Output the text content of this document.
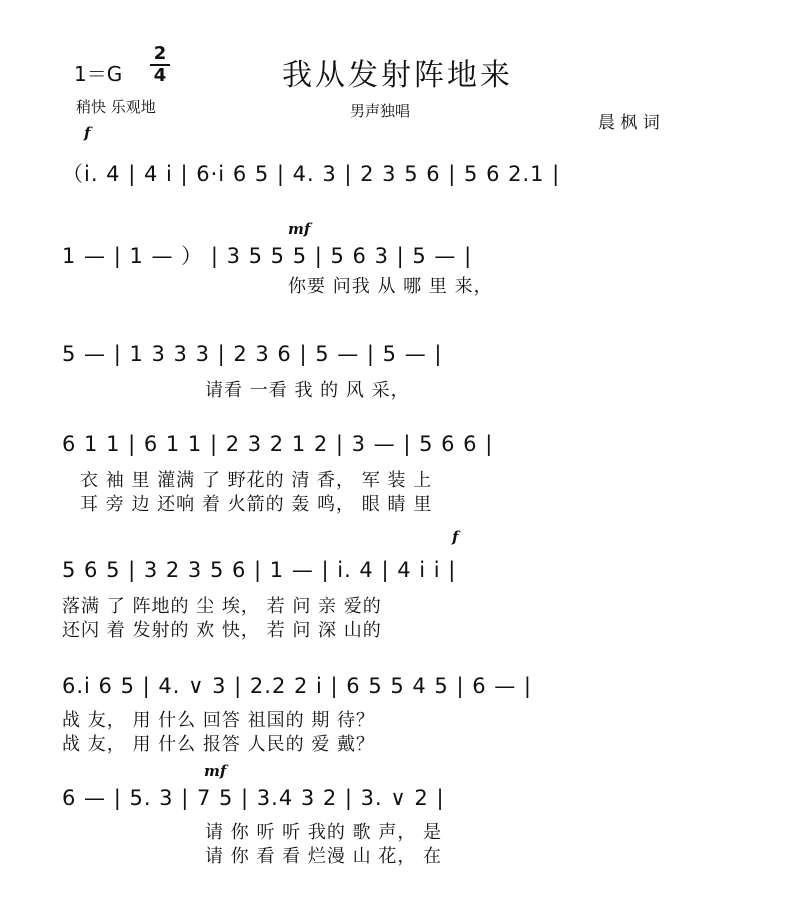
我从发射阵地来
1＝G
2
4
稍快 乐观地	男声独唱
晨 枫 词
f
（i. 4 | 4 i | 6·i 6 5 | 4. 3 | 2 3 5 6 | 5 6 2.1 |
mf
1 — | 1 — ） | 3 5 5 5 | 5 6 3 | 5 — |
你要 问我 从 哪 里 来，
5 — | 1 3 3 3 | 2 3 6 | 5 — | 5 — |
请看 一看 我 的 风 采，
6 1 1 | 6 1 1 | 2 3 2 1 2 | 3 — | 5 6 6 |
衣 袖 里 灌满 了 野花的 清 香， 军 装 上
耳 旁 边 还响 着 火箭的 轰 鸣， 眼 睛 里
f
5 6 5 | 3 2 3 5 6 | 1 — | i. 4 | 4 i i |
落满 了 阵地的 尘 埃， 若 问 亲 爱的
还闪 着 发射的 欢 快， 若 问 深 山的
6.i 6 5 | 4. ∨ 3 | 2.2 2 i | 6 5 5 4 5 | 6 — |
战 友， 用 什么 回答 祖国的 期 待？
战 友， 用 什么 报答 人民的 爱 戴？
mf
6 — | 5. 3 | 7 5 | 3.4 3 2 | 3. ∨ 2 |
请 你 听 听 我的 歌 声， 是
请 你 看 看 烂漫 山 花， 在
